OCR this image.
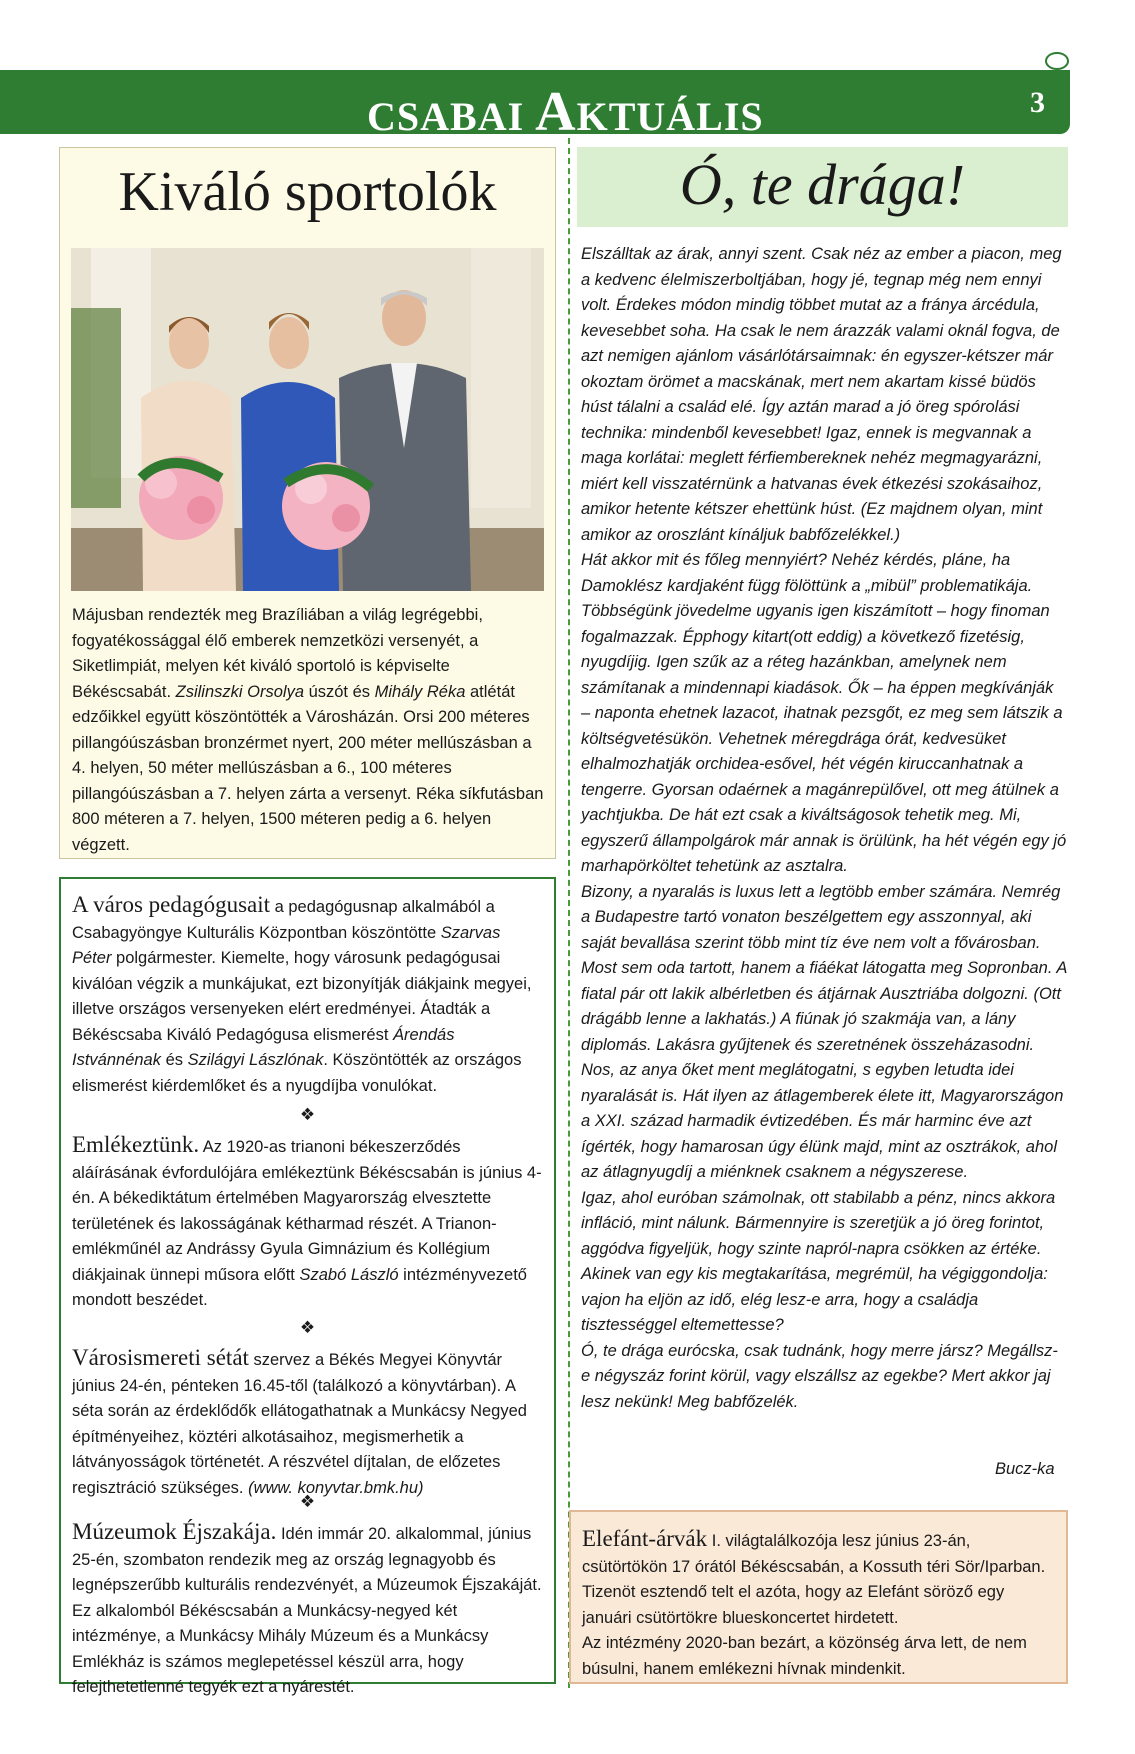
CSABAI AKTUÁLIS	3
Kiváló sportolók
Májusban rendezték meg Brazíliában a világ legrégebbi, fogyatékossággal élő emberek nemzetközi versenyét, a Siketlimpiát, melyen két kiváló sportoló is képviselte Békéscsabát. Zsilinszki Orsolya úszót és Mihály Réka atlétát edzőikkel együtt köszöntötték a Városházán. Orsi 200 méteres pillangóúszásban bronzérmet nyert, 200 méter mellúszásban a 4. helyen, 50 méter mellúszásban a 6., 100 méteres pillangóúszásban a 7. helyen zárta a versenyt. Réka síkfutásban 800 méteren a 7. helyen, 1500 méteren pedig a 6. helyen végzett.
A város pedagógusait a pedagógusnap alkalmából a Csabagyöngye Kulturális Központban köszöntötte Szarvas Péter polgármester. Kiemelte, hogy városunk pedagógusai kiválóan végzik a munkájukat, ezt bizonyítják diákjaink megyei, illetve országos versenyeken elért eredményei. Átadták a Békéscsaba Kiváló Pedagógusa elismerést Árendás Istvánnénak és Szilágyi Lászlónak. Köszöntötték az országos elismerést kiérdemlőket és a nyugdíjba vonulókat.
❖
Emlékeztünk. Az 1920-as trianoni békeszerződés aláírásának évfordulójára emlékeztünk Békéscsabán is június 4-én. A békediktátum értelmében Magyarország elvesztette területének és lakosságának kétharmad részét. A Trianon-emlékműnél az Andrássy Gyula Gimnázium és Kollégium diákjainak ünnepi műsora előtt Szabó László intézményvezető mondott beszédet.
❖
Városismereti sétát szervez a Békés Megyei Könyvtár június 24-én, pénteken 16.45-től (találkozó a könyvtárban). A séta során az érdeklődők ellátogathatnak a Munkácsy Negyed építményeihez, köztéri alkotásaihoz, megismerhetik a látványosságok történetét. A részvétel díjtalan, de előzetes regisztráció szükséges. (www. konyvtar.bmk.hu)
❖
Múzeumok Éjszakája. Idén immár 20. alkalommal, június 25-én, szombaton rendezik meg az ország legnagyobb és legnépszerűbb kulturális rendezvényét, a Múzeumok Éjszakáját. Ez alkalomból Békéscsabán a Munkácsy-negyed két intézménye, a Munkácsy Mihály Múzeum és a Munkácsy Emlékház is számos meglepetéssel készül arra, hogy felejthetetlenné tegyék ezt a nyárestét.
Ó, te drága!

Elszálltak az árak, annyi szent. Csak néz az ember a piacon, meg a kedvenc élelmiszerboltjában, hogy jé, tegnap még nem ennyi volt. Érdekes módon mindig többet mutat az a fránya árcédula, kevesebbet soha. Ha csak le nem árazzák valami oknál fogva, de azt nemigen ajánlom vásárlótársaimnak: én egyszer-kétszer már okoztam örömet a macskának, mert nem akartam kissé büdös húst tálalni a család elé. Így aztán marad a jó öreg spórolási technika: mindenből kevesebbet! Igaz, ennek is megvannak a maga korlátai: meglett férfiembereknek nehéz megmagyarázni, miért kell visszatérnünk a hatvanas évek étkezési szokásaihoz, amikor hetente kétszer ehettünk húst. (Ez majdnem olyan, mint amikor az oroszlánt kínáljuk babfőzelékkel.)

Hát akkor mit és főleg mennyiért? Nehéz kérdés, pláne, ha Damoklész kardjaként függ fölöttünk a „mibül” problematikája. Többségünk jövedelme ugyanis igen kiszámított – hogy finoman fogalmazzak. Épphogy kitart(ott eddig) a következő fizetésig, nyugdíjig. Igen szűk az a réteg hazánkban, amelynek nem számítanak a mindennapi kiadások. Ők – ha éppen megkívánják – naponta ehetnek lazacot, ihatnak pezsgőt, ez meg sem látszik a költségvetésükön. Vehetnek méregdrága órát, kedvesüket elhalmozhatják orchidea-esővel, hét végén kiruccanhatnak a tengerre. Gyorsan odaérnek a magánrepülővel, ott meg átülnek a yachtjukba. De hát ezt csak a kiváltságosok tehetik meg. Mi, egyszerű állampolgárok már annak is örülünk, ha hét végén egy jó marhapörköltet tehetünk az asztalra.

Bizony, a nyaralás is luxus lett a legtöbb ember számára. Nemrég a Budapestre tartó vonaton beszélgettem egy asszonnyal, aki saját bevallása szerint több mint tíz éve nem volt a fővárosban. Most sem oda tartott, hanem a fiáékat látogatta meg Sopronban. A fiatal pár ott lakik albérletben és átjárnak Ausztriába dolgozni. (Ott drágább lenne a lakhatás.) A fiúnak jó szakmája van, a lány diplomás. Lakásra gyűjtenek és szeretnének összeházasodni. Nos, az anya őket ment meglátogatni, s egyben letudta idei nyaralását is. Hát ilyen az átlagemberek élete itt, Magyarországon a XXI. század harmadik évtizedében. És már harminc éve azt ígérték, hogy hamarosan úgy élünk majd, mint az osztrákok, ahol az átlagnyugdíj a miénknek csaknem a négyszerese.

Igaz, ahol euróban számolnak, ott stabilabb a pénz, nincs akkora infláció, mint nálunk. Bármennyire is szeretjük a jó öreg forintot, aggódva figyeljük, hogy szinte napról-napra csökken az értéke. Akinek van egy kis megtakarítása, megrémül, ha végiggondolja: vajon ha eljön az idő, elég lesz-e arra, hogy a családja tisztességgel eltemettesse?

Ó, te drága eurócska, csak tudnánk, hogy merre jársz? Megállsz-e négyszáz forint körül, vagy elszállsz az egekbe? Mert akkor jaj lesz nekünk! Meg babfőzelék.

Bucz-ka
Elefánt-árvák I. világtalálkozója lesz június 23-án, csütörtökön 17 órától Békéscsabán, a Kossuth téri Sör/Iparban. Tizenöt esztendő telt el azóta, hogy az Elefánt söröző egy januári csütörtökre blueskoncertet hirdetett.
Az intézmény 2020-ban bezárt, a közönség árva lett, de nem búsulni, hanem emlékezni hívnak mindenkit.
